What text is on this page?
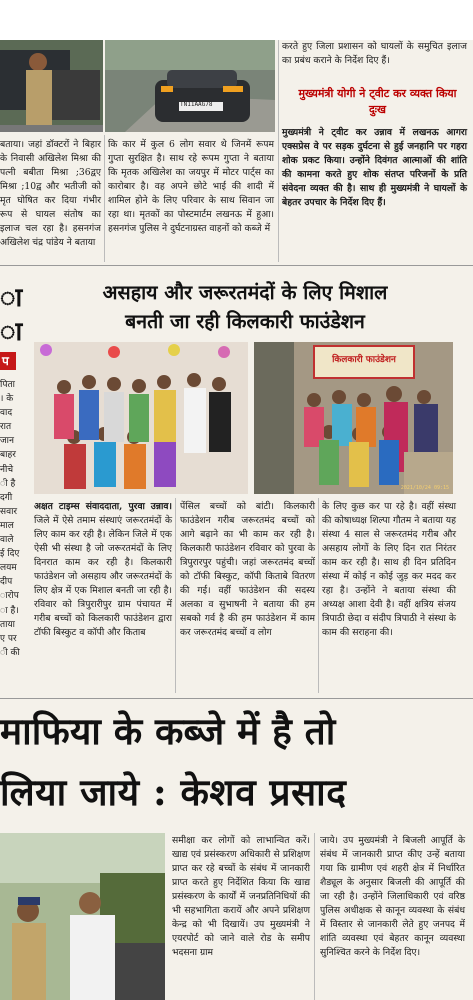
TN11AAG78

करते हुए जिला प्रशासन को घायलों के समुचित इलाज का प्रबंध कराने के निर्देश दिए हैं।

मुख्यमंत्री योगी ने ट्वीट कर व्यक्त किया दुःख

मुख्यमंत्री ने ट्वीट कर उन्नाव में लखनऊ आगरा एक्सप्रेस वे पर सड़क दुर्घटना से हुई जनहानि पर गहरा शोक प्रकट किया। उन्होंने दिवंगत आत्माओं की शांति की कामना करते हुए शोक संतप्त परिजनों के प्रति संवेदना व्यक्त की है। साथ ही मुख्यमंत्री ने घायलों के बेहतर उपचार के निर्देश दिए हैं।

बताया। जहां डॉक्टरों ने बिहार के निवासी अखिलेश मिश्रा की पत्नी बबीता मिश्रा ;36द्वए मिश्रा ;10द्व और भतीजी को मृत घोषित कर दिया गंभीर रूप से घायल संतोष का इलाज चल रहा है। हसनगंज अखिलेश चंद्र पांडेय ने बताया

कि कार में कुल 6 लोग सवार थे जिनमें रूपम गुप्ता सुरक्षित है। साथ रहे रूपम गुप्ता ने बताया कि मृतक अखिलेश का जयपुर में मोटर पार्ट्स का कारोबार है। वह अपने छोटे भाई की शादी में शामिल होने के लिए परिवार के साथ सिवान जा रहा था। मृतकों का पोस्टमार्टम लखनऊ में हुआ। हसनगंज पुलिस ने दुर्घटनाग्रस्त वाहनों को कब्जे में

ा
ा
प
पिता
। के
वाद
रात
जान
बाहर
नीचे
ी है
दगी
सवार
माल
वाले
ई दिए
लयम
दीप
ारोप
ा है।
ताया
ए पर
ी की
असहाय और जरूरतमंदों के लिए मिशाल
बनती जा रही किलकारी फाउंडेशन
किलकारी फाउंडेशन
2021/10/24 09:15

अक्षत टाइम्स संवाददाता, पुरवा उन्नाव। जिले में ऐसे तमाम संस्थाएं जरूरतमंदों के लिए काम कर रही है। लेकिन जिले में एक ऐसी भी संस्था है जो जरूरतमंदों के लिए दिनरात काम कर रही है। किलकारी फाउंडेशन जो असहाय और जरूरतमंदों के लिए क्षेत्र में एक मिशाल बनती जा रही है। रविवार को त्रिपुरारीपुर ग्राम पंचायत में गरीब बच्चों को किलकारी फाउंडेशन द्वारा टॉफी बिस्कुट व कॉपी और किताब

पेंसिल बच्चों को बांटी। किलकारी फाउंडेशन गरीब जरूरतमंद बच्चों को आगे बढ़ाने का भी काम कर रही है। किलकारी फाउंडेशन रविवार को पुरवा के त्रिपुरारपुर पहुंची। जहां जरूरतमंद बच्चों को टॉफी बिस्कुट, कॉपी किताबे वितरण की गई। वहीं फाउंडेशन की सदस्य अलका व सुभाषनी ने बताया की हम सबको गर्व है की हम फाउंडेशन में काम कर जरूरतमंद बच्चों व लोग

के लिए कुछ कर पा रहे है। वहीं संस्था की कोषाध्यक्ष शिल्पा गौतम ने बताया यह संस्था 4 साल से जरूरतमंद गरीब और असहाय लोगों के लिए दिन रात निरंतर काम कर रही है। साथ ही दिन प्रतिदिन संस्था में कोई न कोई जुड़ कर मदद कर रहा है। उन्होंने ने बताया संस्था की अध्यक्ष आशा देवी है। वहीं क्षत्रिय संजय त्रिपाठी छेदा व संदीप त्रिपाठी ने संस्था के काम की सराहना की।

माफिया के कब्जे में है तो
लिया जाये : केशव प्रसाद

समीक्षा कर लोगों को लाभान्वित करें। खाद्य एवं प्रसंस्करण अधिकारी से प्रशिक्षण प्राप्त कर रहे बच्चों के संबंध में जानकारी प्राप्त करते हुए निर्देशित किया कि खाद्य प्रसंस्करण के कार्यों में जनप्रतिनिधियों की भी सहभागिता करायें और अपने प्रशिक्षण केन्द्र को भी दिखायें। उप मुख्यमंत्री ने एयरपोर्ट को जाने वाले रोड के समीप भदसना ग्राम

जाये। उप मुख्यमंत्री ने बिजली आपूर्ति के संबंध में जानकारी प्राप्त कीए उन्हें बताया गया कि ग्रामीण एवं शहरी क्षेत्र में निर्धारित शैड्यूल के अनुसार बिजली की आपूर्ति की जा रही है। उन्होंने जिलाधिकारी एवं वरिष्ठ पुलिस अधीक्षक से कानून व्यवस्था के संबंध में विस्तार से जानकारी लेते हुए जनपद में शांति व्यवस्था एवं बेहतर कानून व्यवस्था सुनिश्चित करने के निर्देश दिए।
